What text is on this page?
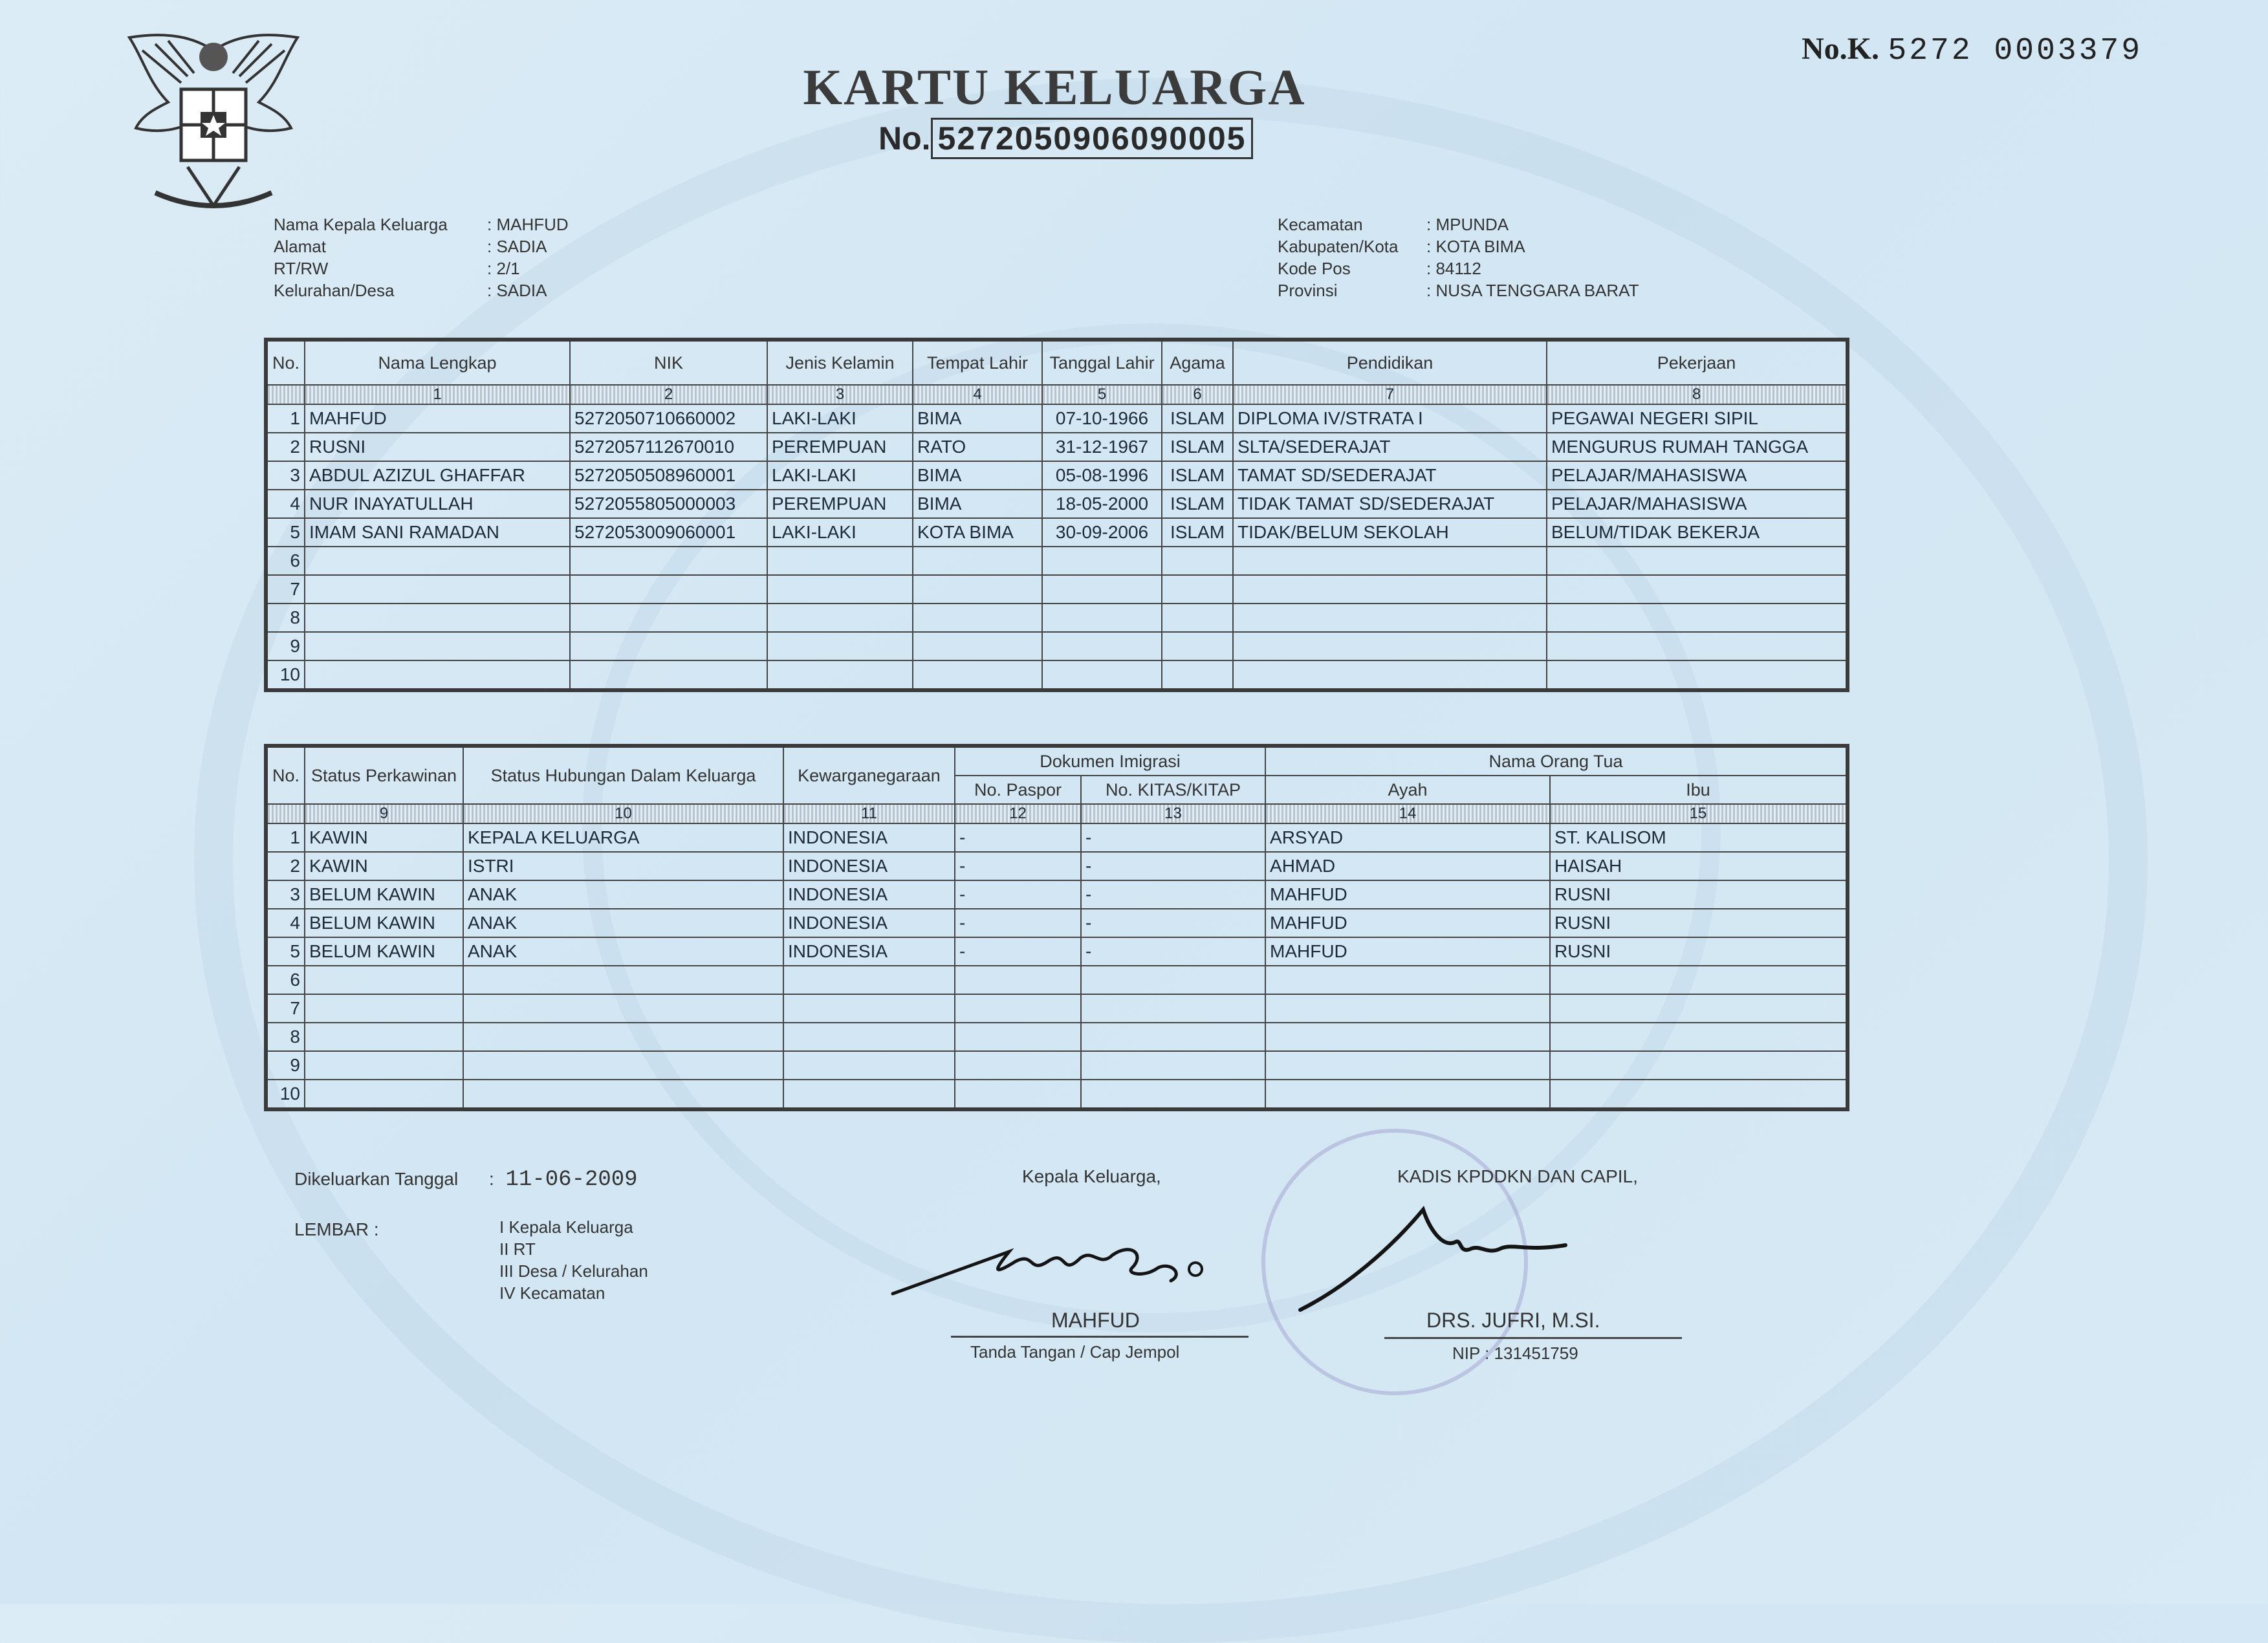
KARTU KELUARGA
No. 5272050906090005
No.K. 5272 0003379
Nama Kepala Keluarga	: MAHFUD
Alamat	: SADIA
RT/RW	: 2/1
Kelurahan/Desa	: SADIA
Kecamatan	: MPUNDA
Kabupaten/Kota	: KOTA BIMA
Kode Pos	: 84112
Provinsi	: NUSA TENGGARA BARAT
No.	Nama Lengkap	NIK	Jenis Kelamin	Tempat Lahir	Tanggal Lahir	Agama	Pendidikan	Pekerjaan
	1	2	3	4	5	6	7	8
1	MAHFUD	5272050710660002	LAKI-LAKI	BIMA	07-10-1966	ISLAM	DIPLOMA IV/STRATA I	PEGAWAI NEGERI SIPIL
2	RUSNI	5272057112670010	PEREMPUAN	RATO	31-12-1967	ISLAM	SLTA/SEDERAJAT	MENGURUS RUMAH TANGGA
3	ABDUL AZIZUL GHAFFAR	5272050508960001	LAKI-LAKI	BIMA	05-08-1996	ISLAM	TAMAT SD/SEDERAJAT	PELAJAR/MAHASISWA
4	NUR INAYATULLAH	5272055805000003	PEREMPUAN	BIMA	18-05-2000	ISLAM	TIDAK TAMAT SD/SEDERAJAT	PELAJAR/MAHASISWA
5	IMAM SANI RAMADAN	5272053009060001	LAKI-LAKI	KOTA BIMA	30-09-2006	ISLAM	TIDAK/BELUM SEKOLAH	BELUM/TIDAK BEKERJA
6								
7								
8								
9								
10								
No.	Status Perkawinan	Status Hubungan Dalam Keluarga	Kewarganegaraan	Dokumen Imigrasi		Nama Orang Tua	
				No. Paspor	No. KITAS/KITAP	Ayah	Ibu
	9	10	11	12	13	14	15
1	KAWIN	KEPALA KELUARGA	INDONESIA	-	-	ARSYAD	ST. KALISOM
2	KAWIN	ISTRI	INDONESIA	-	-	AHMAD	HAISAH
3	BELUM KAWIN	ANAK	INDONESIA	-	-	MAHFUD	RUSNI
4	BELUM KAWIN	ANAK	INDONESIA	-	-	MAHFUD	RUSNI
5	BELUM KAWIN	ANAK	INDONESIA	-	-	MAHFUD	RUSNI
6							
7							
8							
9							
10							
Dikeluarkan Tanggal : 11-06-2009
LEMBAR :	I Kepala Keluarga
II RT
III Desa / Kelurahan
IV Kecamatan
Kepala Keluarga,
MAHFUD
Tanda Tangan / Cap Jempol
KADIS KPDDKN DAN CAPIL,
DRS. JUFRI, M.SI.
NIP : 131451759
